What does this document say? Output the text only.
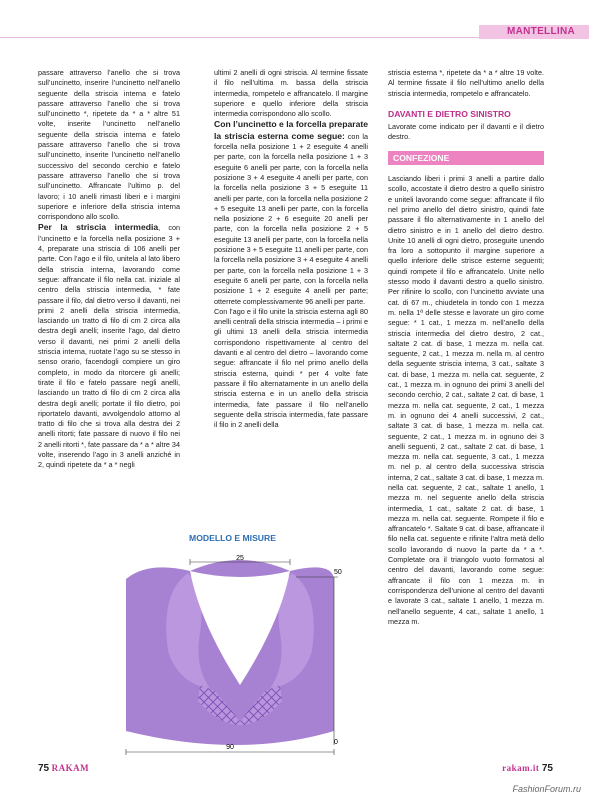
MANTELLINA

passare attraverso l’anello che si trova sull’uncinetto, inserire l’uncinetto nell’anello seguente della striscia interna e fatelo passare attraverso l’anello che si trova sull’uncinetto *, ripetete da * a * altre 51 volte, inserite l’uncinetto nell’anello seguente della striscia interna e fatelo passare attraverso l’anello che si trova sull’uncinetto, inserite l’uncinetto nell’anello successivo del secondo cerchio e fatelo passare attraverso l’anello che si trova sull’uncinetto. Affrancate l’ultimo p. del lavoro; i 10 anelli rimasti liberi e i margini superiore e inferiore della striscia interna corrispondono allo scollo.

Per la striscia intermedia, con l’uncinetto e la forcella nella posizione 3 + 4, preparate una striscia di 106 anelli per parte. Con l’ago e il filo, unitela al lato libero della striscia interna, lavorando come segue: affrancate il filo nella cat. iniziale al centro della striscia intermedia, * fate passare il filo, dal dietro verso il davanti, nei primi 2 anelli della striscia intermedia, lasciando un tratto di filo di cm 2 circa alla destra degli anelli; inserite l’ago, dal dietro verso il davanti, nei primi 2 anelli della striscia interna, ruotate l’ago su se stesso in senso orario, facendogli compiere un giro completo, in modo da ritorcere gli anelli; tirate il filo e fatelo passare negli anelli, lasciando un tratto di filo di cm 2 circa alla destra degli anelli; portate il filo dietro, poi riportatelo davanti, avvolgendolo attorno al tratto di filo che si trova alla destra dei 2 anelli ritorti; fate passare di nuovo il filo nei 2 anelli ritorti *, fate passare da * a * altre 34 volte, inserendo l’ago in 3 anelli anziché in 2, quindi ripetete da * a * negli

ultimi 2 anelli di ogni striscia. Al termine fissate il filo nell’ultima m. bassa della striscia intermedia, rompetelo e affrancatelo. Il margine superiore e quello inferiore della striscia intermedia corrispondono allo scollo.

Con l’uncinetto e la forcella preparate la striscia esterna come segue: con la forcella nella posizione 1 + 2 eseguite 4 anelli per parte, con la forcella nella posizione 1 + 3 eseguite 6 anelli per parte, con la forcella nella posizione 3 + 4 eseguite 4 anelli per parte, con la forcella nella posizione 3 + 5 eseguite 11 anelli per parte, con la forcella nella posizione 2 + 5 eseguite 13 anelli per parte, con la forcella nella posizione 2 + 6 eseguite 20 anelli per parte, con la forcella nella posizione 2 + 5 eseguite 13 anelli per parte, con la forcella nella posizione 3 + 5 eseguite 11 anelli per parte, con la forcella nella posizione 3 + 4 eseguite 4 anelli per parte, con la forcella nella posizione 1 + 3 eseguite 6 anelli per parte, con la forcella nella posizione 1 + 2 eseguite 4 anelli per parte; otterrete complessivamente 96 anelli per parte.

Con l’ago e il filo unite la striscia esterna agli 80 anelli centrali della striscia intermedia – i primi e gli ultimi 13 anelli della striscia intermedia corrispondono rispettivamente al centro del davanti e al centro del dietro – lavorando come segue: affrancate il filo nel primo anello della striscia esterna, quindi * per 4 volte fate passare il filo alternatamente in un anello della striscia esterna e in un anello della striscia intermedia, fate passare il filo nell’anello seguente della striscia intermedia, fate passare il filo in 2 anelli della

striscia esterna *, ripetete da * a * altre 19 volte. Al termine fissate il filo nell’ultimo anello della striscia intermedia, rompetelo e affrancatelo.

DAVANTI E DIETRO SINISTRO

Lavorate come indicato per il davanti e il dietro destro.

CONFEZIONE

Lasciando liberi i primi 3 anelli a partire dallo scollo, accostate il dietro destro a quello sinistro e uniteli lavorando come segue: affrancate il filo nel primo anello del dietro sinistro, quindi fate passare il filo alternativamente in 1 anello del dietro sinistro e in 1 anello del dietro destro. Unite 10 anelli di ogni dietro, proseguite unendo fra loro a sottopunto il margine superiore a quello inferiore delle strisce esterne seguenti; quindi rompete il filo e affrancatelo. Unite nello stesso modo il davanti destro a quello sinistro. Per rifinire lo scollo, con l’uncinetto avviate una cat. di 67 m., chiudetela in tondo con 1 mezza m. nella 1ª delle stesse e lavorate un giro come segue: * 1 cat., 1 mezza m. nell’anello della striscia intermedia del dietro destro, 2 cat., saltate 2 cat. di base, 1 mezza m. nella cat. seguente, 2 cat., 1 mezza m. nella m. al centro della seguente striscia interna, 3 cat., saltate 3 cat. di base, 1 mezza m. nella cat. seguente, 2 cat., 1 mezza m. in ognuno dei primi 3 anelli del secondo cerchio, 2 cat., saltate 2 cat. di base, 1 mezza m. nella cat. seguente, 2 cat., 1 mezza m. in ognuno dei 4 anelli successivi, 2 cat., saltate 3 cat. di base, 1 mezza m. nella cat. seguente, 2 cat., 1 mezza m. in ognuno dei 3 anelli seguenti, 2 cat., saltate 2 cat. di base, 1 mezza m. nella cat. seguente, 3 cat., 1 mezza m. nel p. al centro della successiva striscia interna, 2 cat., saltate 3 cat. di base, 1 mezza m. nella cat. seguente, 2 cat., saltate 1 anello, 1 mezza m. nel seguente anello della striscia intermedia, 1 cat., saltate 2 cat. di base, 1 mezza m. nella cat. seguente. Rompete il filo e affrancatelo *. Saltate 9 cat. di base, affrancate il filo nella cat. seguente e rifinite l’altra metà dello scollo lavorando di nuovo la parte da * a *. Completate ora il triangolo vuoto formatosi al centro del davanti, lavorando come segue: affrancate il filo con 1 mezza m. in corrispondenza dell’unione al centro del davanti e lavorate 3 cat., saltate 1 anello, 1 mezza m. nell’anello seguente, 4 cat., saltate 1 anello, 1 mezza m.

MODELLO E MISURE
25
50
0
90
75 RAKAM	rakam.it 75
FashionForum.ru
